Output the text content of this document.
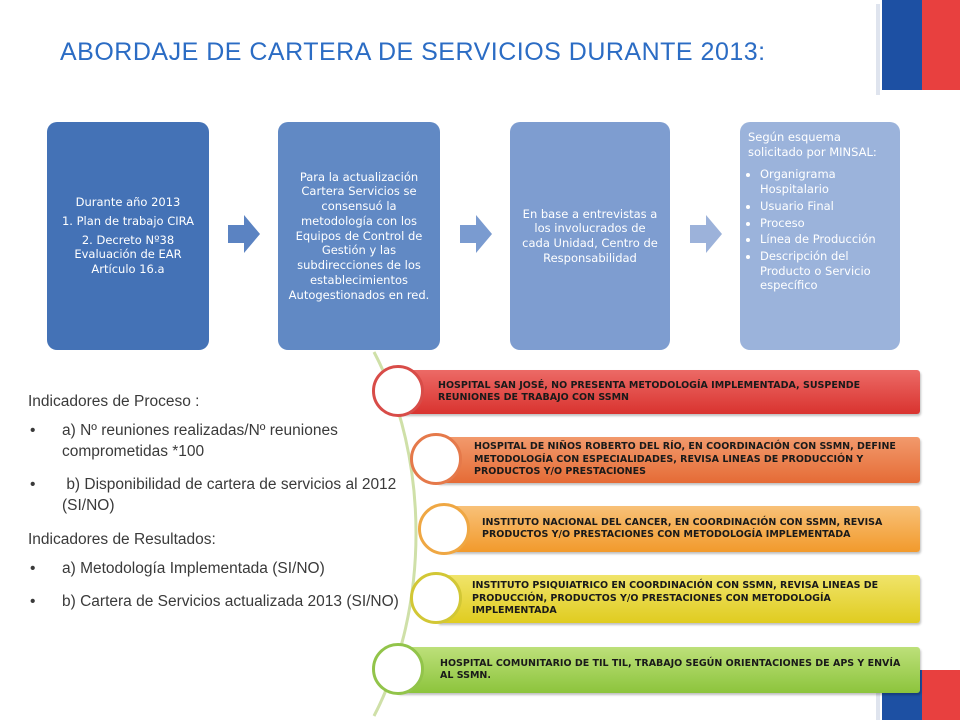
ABORDAJE DE CARTERA DE SERVICIOS DURANTE 2013:

Durante año 2013

1. Plan de trabajo CIRA

2. Decreto Nº38 Evaluación de EAR Artículo 16.a

Para la actualización Cartera Servicios se consensuó la metodología con los Equipos de Control de Gestión y las subdirecciones de los establecimientos Autogestionados en red.

En base a entrevistas a los involucrados de cada Unidad, Centro de Responsabilidad

Según esquema solicitado por MINSAL:

• Organigrama Hospitalario
• Usuario Final
• Proceso
• Línea de Producción
• Descripción del Producto o Servicio específico
Indicadores de Proceso :
• a) Nº reuniones realizadas/Nº reuniones comprometidas *100
•  b) Disponibilidad de cartera de servicios al 2012 (SI/NO)
Indicadores de Resultados:
• a) Metodología Implementada (SI/NO)
• b) Cartera de Servicios actualizada 2013 (SI/NO)
HOSPITAL SAN JOSÉ, NO PRESENTA METODOLOGÍA IMPLEMENTADA, SUSPENDE REUNIONES DE TRABAJO CON SSMN
HOSPITAL DE NIÑOS ROBERTO DEL RÍO, EN COORDINACIÓN CON SSMN, DEFINE METODOLOGÍA CON ESPECIALIDADES, REVISA LINEAS DE PRODUCCIÓN Y PRODUCTOS Y/O PRESTACIONES
INSTITUTO NACIONAL DEL CANCER, EN COORDINACIÓN CON SSMN, REVISA PRODUCTOS Y/O PRESTACIONES CON METODOLOGÍA IMPLEMENTADA
INSTITUTO PSIQUIATRICO EN COORDINACIÓN CON SSMN, REVISA LINEAS DE PRODUCCIÓN, PRODUCTOS Y/O PRESTACIONES CON METODOLOGÍA IMPLEMENTADA
HOSPITAL COMUNITARIO DE TIL TIL, TRABAJO SEGÚN ORIENTACIONES DE APS Y ENVÍA AL SSMN.
